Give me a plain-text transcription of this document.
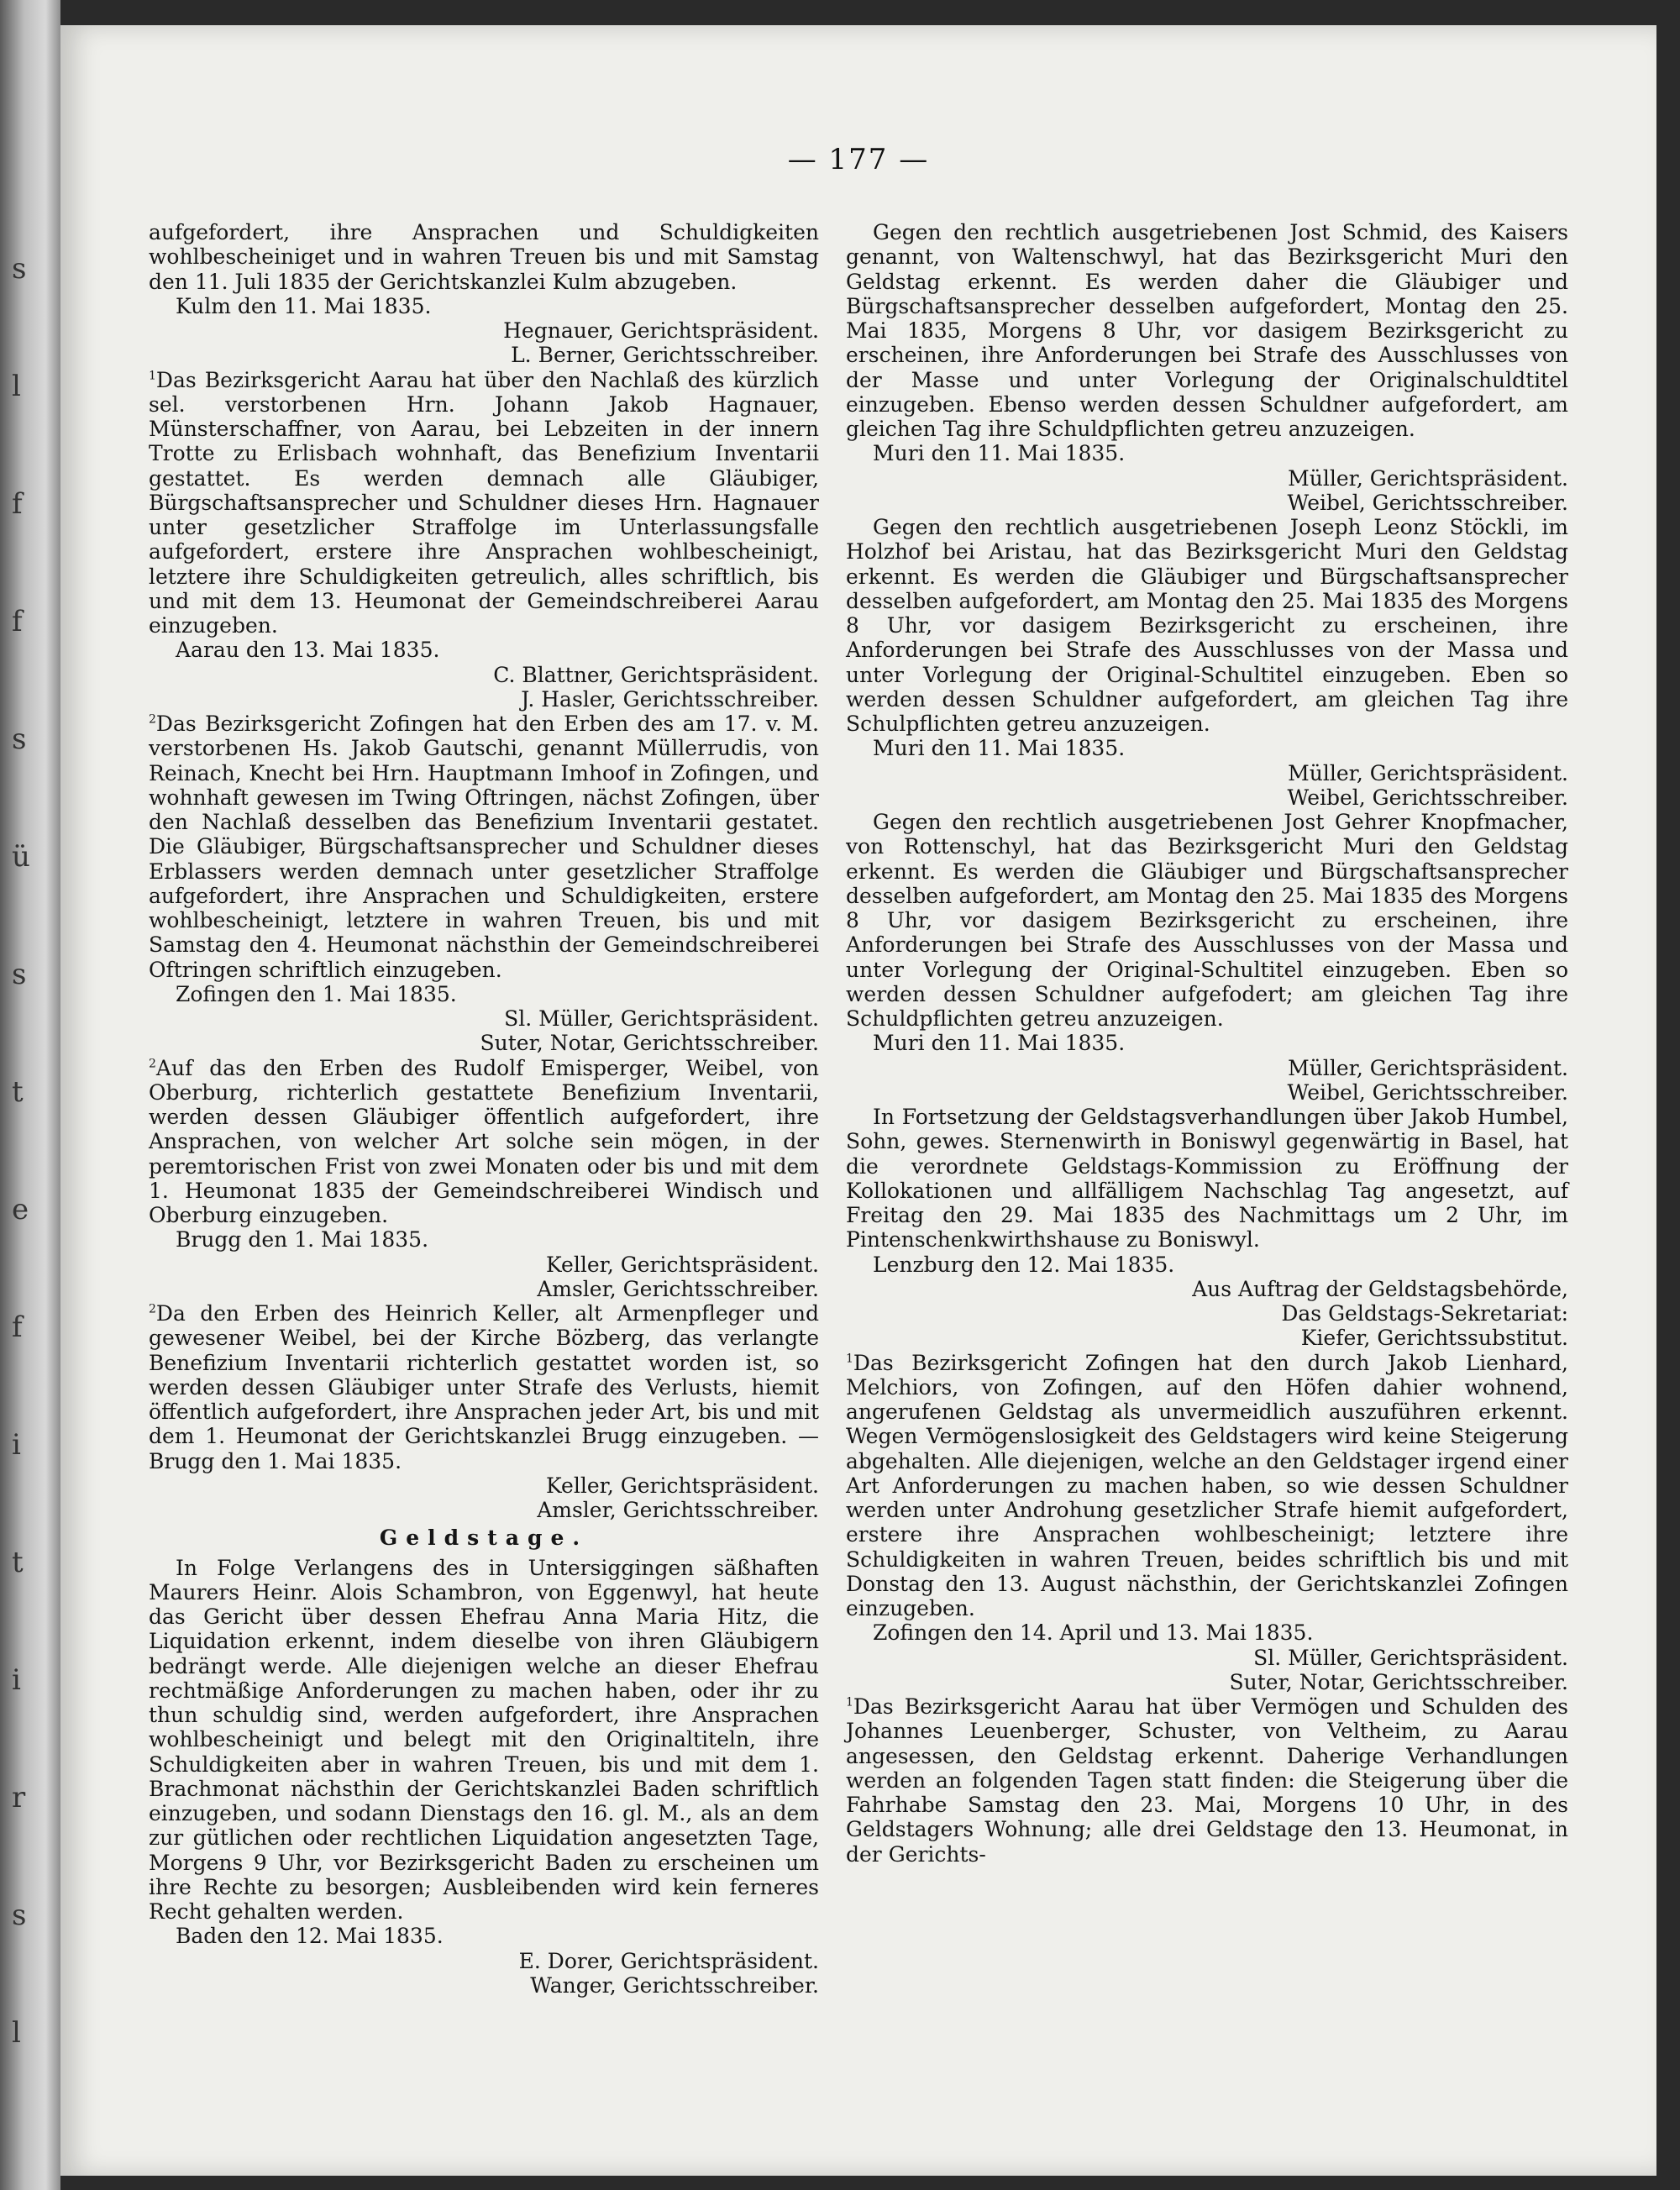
s
l
f
f
s
ü
s
t
e
f
i
t
i
r
s
l
— 177 —

aufgefordert, ihre Ansprachen und Schuldigkeiten wohlbescheiniget und in wahren Treuen bis und mit Samstag den 11. Juli 1835 der Gerichtskanzlei Kulm abzugeben.

Kulm den 11. Mai 1835.

Hegnauer, Gerichtspräsident.

L. Berner, Gerichtsschreiber.

$^1$Das Bezirksgericht Aarau hat über den Nachlaß des kürzlich sel. verstorbenen Hrn. Johann Jakob Hagnauer, Münsterschaffner, von Aarau, bei Lebzeiten in der innern Trotte zu Erlisbach wohnhaft, das Benefizium Inventarii gestattet. Es werden demnach alle Gläubiger, Bürgschaftsansprecher und Schuldner dieses Hrn. Hagnauer unter gesetzlicher Straffolge im Unterlassungsfalle aufgefordert, erstere ihre Ansprachen wohlbescheinigt, letztere ihre Schuldigkeiten getreulich, alles schriftlich, bis und mit dem 13. Heumonat der Gemeindschreiberei Aarau einzugeben.

Aarau den 13. Mai 1835.

C. Blattner, Gerichtspräsident.

J. Hasler, Gerichtsschreiber.

$^2$Das Bezirksgericht Zofingen hat den Erben des am 17. v. M. verstorbenen Hs. Jakob Gautschi, genannt Müllerrudis, von Reinach, Knecht bei Hrn. Hauptmann Imhoof in Zofingen, und wohnhaft gewesen im Twing Oftringen, nächst Zofingen, über den Nachlaß desselben das Benefizium Inventarii gestatet. Die Gläubiger, Bürgschaftsansprecher und Schuldner dieses Erblassers werden demnach unter gesetzlicher Straffolge aufgefordert, ihre Ansprachen und Schuldigkeiten, erstere wohlbescheinigt, letztere in wahren Treuen, bis und mit Samstag den 4. Heumonat nächsthin der Gemeindschreiberei Oftringen schriftlich einzugeben.

Zofingen den 1. Mai 1835.

Sl. Müller, Gerichtspräsident.

Suter, Notar, Gerichtsschreiber.

$^2$Auf das den Erben des Rudolf Emisperger, Weibel, von Oberburg, richterlich gestattete Benefizium Inventarii, werden dessen Gläubiger öffentlich aufgefordert, ihre Ansprachen, von welcher Art solche sein mögen, in der peremtorischen Frist von zwei Monaten oder bis und mit dem 1. Heumonat 1835 der Gemeindschreiberei Windisch und Oberburg einzugeben.

Brugg den 1. Mai 1835.

Keller, Gerichtspräsident.

Amsler, Gerichtsschreiber.

$^2$Da den Erben des Heinrich Keller, alt Armenpfleger und gewesener Weibel, bei der Kirche Bözberg, das verlangte Benefizium Inventarii richterlich gestattet worden ist, so werden dessen Gläubiger unter Strafe des Verlusts, hiemit öffentlich aufgefordert, ihre Ansprachen jeder Art, bis und mit dem 1. Heumonat der Gerichtskanzlei Brugg einzugeben. — Brugg den 1. Mai 1835.

Keller, Gerichtspräsident.

Amsler, Gerichtsschreiber.

Geldstage.

In Folge Verlangens des in Untersiggingen säßhaften Maurers Heinr. Alois Schambron, von Eggenwyl, hat heute das Gericht über dessen Ehefrau Anna Maria Hitz, die Liquidation erkennt, indem dieselbe von ihren Gläubigern bedrängt werde. Alle diejenigen welche an dieser Ehefrau rechtmäßige Anforderungen zu machen haben, oder ihr zu thun schuldig sind, werden aufgefordert, ihre Ansprachen wohlbescheinigt und belegt mit den Originaltiteln, ihre Schuldigkeiten aber in wahren Treuen, bis und mit dem 1. Brachmonat nächsthin der Gerichtskanzlei Baden schriftlich einzugeben, und sodann Dienstags den 16. gl. M., als an dem zur gütlichen oder rechtlichen Liquidation angesetzten Tage, Morgens 9 Uhr, vor Bezirksgericht Baden zu erscheinen um ihre Rechte zu besorgen; Ausbleibenden wird kein ferneres Recht gehalten werden.

Baden den 12. Mai 1835.

E. Dorer, Gerichtspräsident.

Wanger, Gerichtsschreiber.

Gegen den rechtlich ausgetriebenen Jost Schmid, des Kaisers genannt, von Waltenschwyl, hat das Bezirksgericht Muri den Geldstag erkennt. Es werden daher die Gläubiger und Bürgschaftsansprecher desselben aufgefordert, Montag den 25. Mai 1835, Morgens 8 Uhr, vor dasigem Bezirksgericht zu erscheinen, ihre Anforderungen bei Strafe des Ausschlusses von der Masse und unter Vorlegung der Originalschuldtitel einzugeben. Ebenso werden dessen Schuldner aufgefordert, am gleichen Tag ihre Schuldpflichten getreu anzuzeigen.

Muri den 11. Mai 1835.

Müller, Gerichtspräsident.

Weibel, Gerichtsschreiber.

Gegen den rechtlich ausgetriebenen Joseph Leonz Stöckli, im Holzhof bei Aristau, hat das Bezirksgericht Muri den Geldstag erkennt. Es werden die Gläubiger und Bürgschaftsansprecher desselben aufgefordert, am Montag den 25. Mai 1835 des Morgens 8 Uhr, vor dasigem Bezirksgericht zu erscheinen, ihre Anforderungen bei Strafe des Ausschlusses von der Massa und unter Vorlegung der Original-Schultitel einzugeben. Eben so werden dessen Schuldner aufgefordert, am gleichen Tag ihre Schulpflichten getreu anzuzeigen.

Muri den 11. Mai 1835.

Müller, Gerichtspräsident.

Weibel, Gerichtsschreiber.

Gegen den rechtlich ausgetriebenen Jost Gehrer Knopfmacher, von Rottenschyl, hat das Bezirksgericht Muri den Geldstag erkennt. Es werden die Gläubiger und Bürgschaftsansprecher desselben aufgefordert, am Montag den 25. Mai 1835 des Morgens 8 Uhr, vor dasigem Bezirksgericht zu erscheinen, ihre Anforderungen bei Strafe des Ausschlusses von der Massa und unter Vorlegung der Original-Schultitel einzugeben. Eben so werden dessen Schuldner aufgefodert; am gleichen Tag ihre Schuldpflichten getreu anzuzeigen.

Muri den 11. Mai 1835.

Müller, Gerichtspräsident.

Weibel, Gerichtsschreiber.

In Fortsetzung der Geldstagsverhandlungen über Jakob Humbel, Sohn, gewes. Sternenwirth in Boniswyl gegenwärtig in Basel, hat die verordnete Geldstags-Kommission zu Eröffnung der Kollokationen und allfälligem Nachschlag Tag angesetzt, auf Freitag den 29. Mai 1835 des Nachmittags um 2 Uhr, im Pintenschenkwirthshause zu Boniswyl.

Lenzburg den 12. Mai 1835.

Aus Auftrag der Geldstagsbehörde,

Das Geldstags-Sekretariat:

Kiefer, Gerichtssubstitut.

$^1$Das Bezirksgericht Zofingen hat den durch Jakob Lienhard, Melchiors, von Zofingen, auf den Höfen dahier wohnend, angerufenen Geldstag als unvermeidlich auszuführen erkennt. Wegen Vermögenslosigkeit des Geldstagers wird keine Steigerung abgehalten. Alle diejenigen, welche an den Geldstager irgend einer Art Anforderungen zu machen haben, so wie dessen Schuldner werden unter Androhung gesetzlicher Strafe hiemit aufgefordert, erstere ihre Ansprachen wohlbescheinigt; letztere ihre Schuldigkeiten in wahren Treuen, beides schriftlich bis und mit Donstag den 13. August nächsthin, der Gerichtskanzlei Zofingen einzugeben.

Zofingen den 14. April und 13. Mai 1835.

Sl. Müller, Gerichtspräsident.

Suter, Notar, Gerichtsschreiber.

$^1$Das Bezirksgericht Aarau hat über Vermögen und Schulden des Johannes Leuenberger, Schuster, von Veltheim, zu Aarau angesessen, den Geldstag erkennt. Daherige Verhandlungen werden an folgenden Tagen statt finden: die Steigerung über die Fahrhabe Samstag den 23. Mai, Morgens 10 Uhr, in des Geldstagers Wohnung; alle drei Geldstage den 13. Heumonat, in der Gerichts-
